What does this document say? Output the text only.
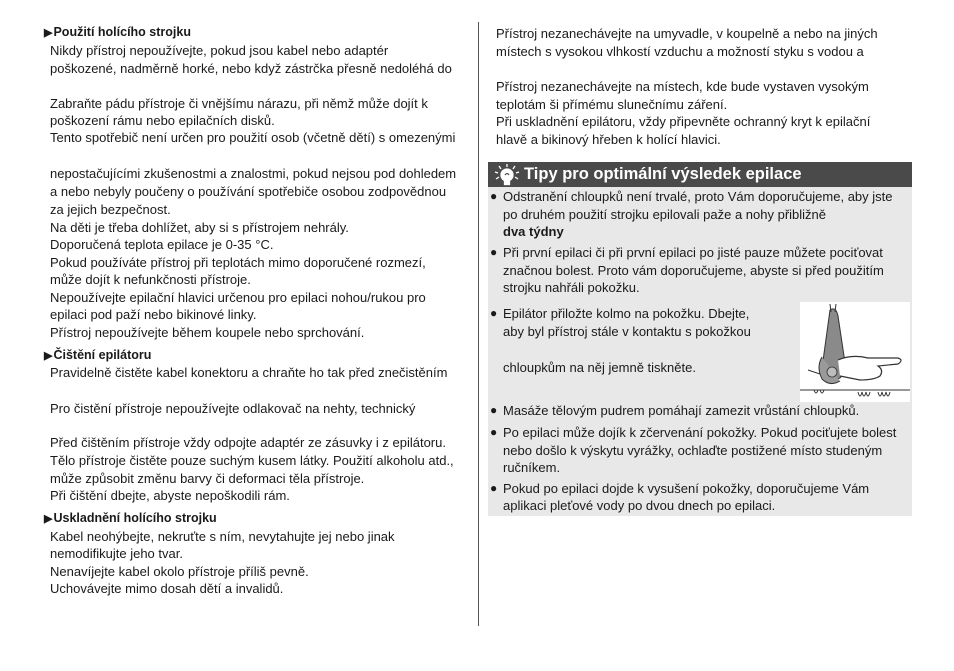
▶Použití holícího strojku
Nikdy přístroj nepoužívejte, pokud jsou kabel nebo adaptér
poškozené, nadměrně horké, nebo když zástrčka přesně nedoléhá do
Zabraňte pádu přístroje či vnějšímu nárazu, při němž může dojít k
poškození rámu nebo epilačních disků.
Tento spotřebič není určen pro použití osob (včetně dětí) s omezenými
nepostačujícími zkušenostmi a znalostmi, pokud nejsou pod dohledem
a nebo nebyly poučeny o používání spotřebiče osobou zodpovědnou
za jejich bezpečnost.
Na děti je třeba dohlížet, aby si s přístrojem nehrály.
Doporučená teplota epilace je 0-35 °C.
Pokud používáte přístroj při teplotách mimo doporučené rozmezí,
může dojít k nefunkčnosti přístroje.
Nepoužívejte epilační hlavici určenou pro epilaci nohou/rukou pro
epilaci pod paží nebo bikinové linky.
Přístroj nepoužívejte během koupele nebo sprchování.
▶Čištění epilátoru
Pravidelně čistěte kabel konektoru a chraňte ho tak před znečistěním
Pro čistění přístroje nepoužívejte odlakovač na nehty, technický
Před čištěním přístroje vždy odpojte adaptér ze zásuvky i z epilátoru.
Tělo přístroje čistěte pouze suchým kusem látky. Použití alkoholu atd.,
může způsobit změnu barvy či deformaci těla přístroje.
Při čištění dbejte, abyste nepoškodili rám.
▶Uskladnění holícího strojku
Kabel neohýbejte, nekruťte s ním, nevytahujte jej nebo jinak
nemodifikujte jeho tvar.
Nenavíjejte kabel okolo přístroje příliš pevně.
Uchovávejte mimo dosah dětí a invalidů.
Přístroj nezanechávejte na umyvadle, v koupelně a nebo na jiných
místech s vysokou vlhkostí vzduchu a možností styku s vodou a
Přístroj nezanechávejte na místech, kde bude vystaven vysokým
teplotám ši přímému slunečnímu záření.
Při uskladnění epilátoru, vždy připevněte ochranný kryt k epilační
hlavě a bikinový hřeben k holící hlavici.
Tipy pro optimální výsledek epilace
● Odstranění chloupků není trvalé, proto Vám doporučujeme, aby jste
po druhém použití strojku epilovali paže a nohy přibližně
dva týdny
● Při první epilaci či při první epilaci po jisté pauze můžete pociťovat
značnou bolest. Proto vám doporučujeme, abyste si před použitím
strojku nahřáli pokožku.
● Epilátor přiložte kolmo na pokožku. Dbejte,
aby byl přístroj stále v kontaktu s pokožkou
chloupkům na něj jemně tiskněte.
● Masáže tělovým pudrem pomáhají zamezit vrůstání chloupků.
● Po epilaci může dojík k zčervenání pokožky. Pokud pociťujete bolest
nebo došlo k výskytu vyrážky, ochlaďte postižené místo studeným
ručníkem.
● Pokud po epilaci dojde k vysušení pokožky, doporučujeme Vám
aplikaci pleťové vody po dvou dnech po epilaci.
